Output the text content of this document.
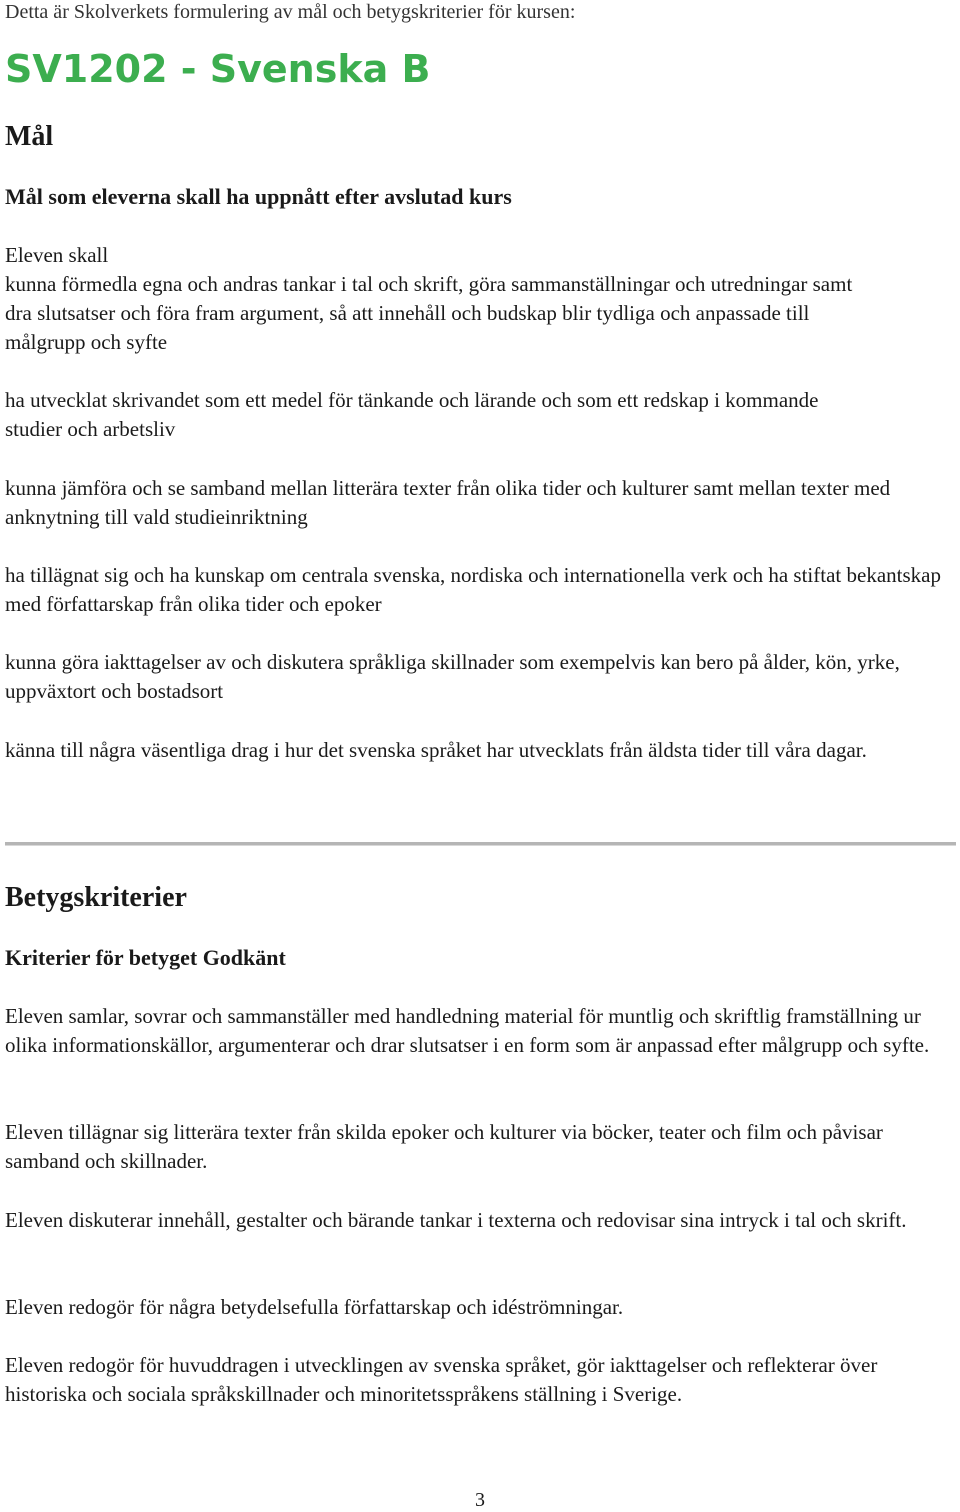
Detta är Skolverkets formulering av mål och betygskriterier för kursen:
SV1202 - Svenska B
Mål
Mål som eleverna skall ha uppnått efter avslutad kurs

Eleven skall

kunna förmedla egna och andras tankar i tal och skrift, göra sammanställningar och utredningar samt dra slutsatser och föra fram argument, så att innehåll och budskap blir tydliga och anpassade till målgrupp och syfte

ha utvecklat skrivandet som ett medel för tänkande och lärande och som ett redskap i kommande studier och arbetsliv

kunna jämföra och se samband mellan litterära texter från olika tider och kulturer samt mellan texter med anknytning till vald studieinriktning

ha tillägnat sig och ha kunskap om centrala svenska, nordiska och internationella verk och ha stiftat bekantskap med författarskap från olika tider och epoker

kunna göra iakttagelser av och diskutera språkliga skillnader som exempelvis kan bero på ålder, kön, yrke, uppväxtort och bostadsort

känna till några väsentliga drag i hur det svenska språket har utvecklats från äldsta tider till våra dagar.

Betygskriterier
Kriterier för betyget Godkänt

Eleven samlar, sovrar och sammanställer med handledning material för muntlig och skriftlig framställning ur olika informationskällor, argumenterar och drar slutsatser i en form som är anpassad efter målgrupp och syfte.

Eleven tillägnar sig litterära texter från skilda epoker och kulturer via böcker, teater och film och påvisar samband och skillnader.

Eleven diskuterar innehåll, gestalter och bärande tankar i texterna och redovisar sina intryck i tal och skrift.

Eleven redogör för några betydelsefulla författarskap och idéströmningar.

Eleven redogör för huvuddragen i utvecklingen av svenska språket, gör iakttagelser och reflekterar över historiska och sociala språkskillnader och minoritetsspråkens ställning i Sverige.

3
